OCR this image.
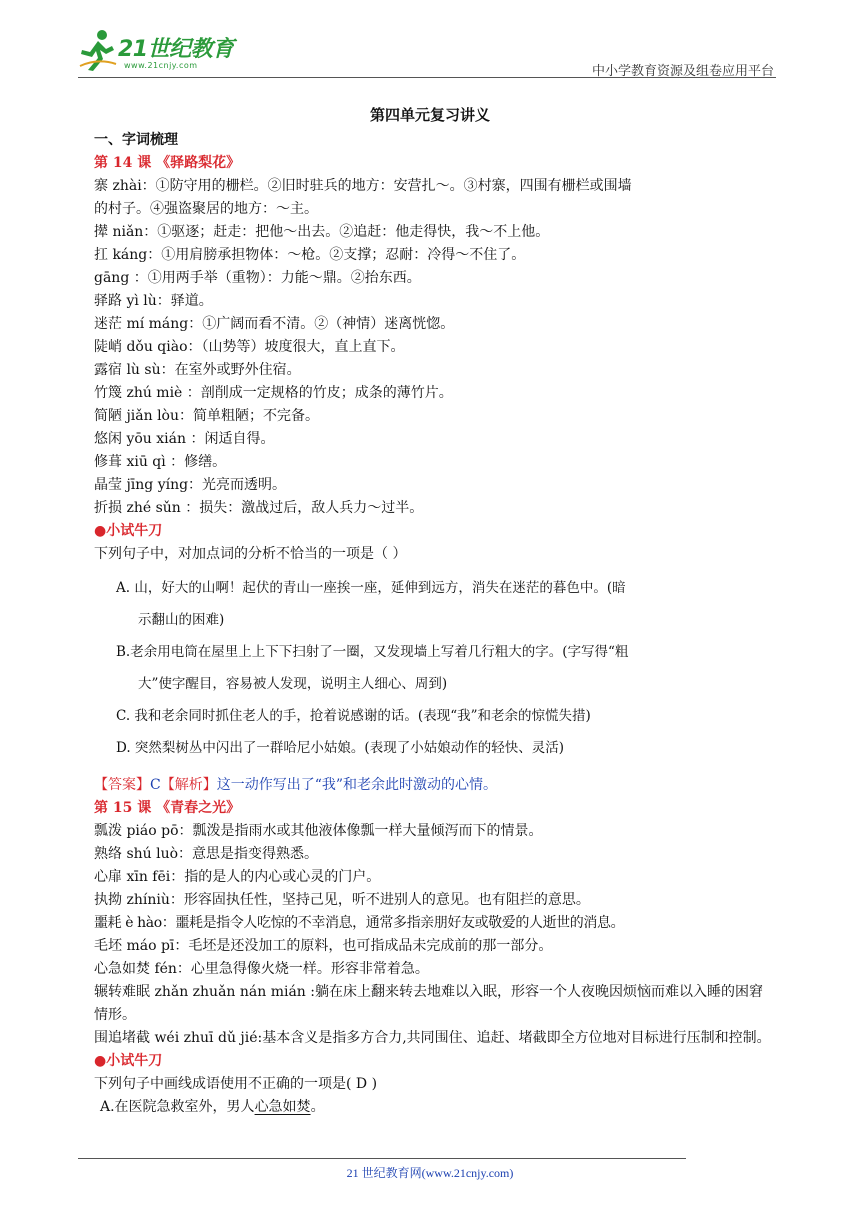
21世纪教育
www.21cnjy.com	中小学教育资源及组卷应用平台
第四单元复习讲义
一、字词梳理
第 14 课 《驿路梨花》
寨 zhài：①防守用的栅栏。②旧时驻兵的地方：安营扎～。③村寨，四围有栅栏或围墙
的村子。④强盗聚居的地方：～主。
撵 niǎn：①驱逐；赶走：把他～出去。②追赶：他走得快，我～不上他。
扛 káng：①用肩膀承担物体：～枪。②支撑；忍耐：冷得～不住了。
gāng ：①用两手举（重物）：力能～鼎。②抬东西。
驿路 yì lù：驿道。
迷茫 mí máng：①广阔而看不清。②（神情）迷离恍惚。
陡峭 dǒu qiào：（山势等）坡度很大，直上直下。
露宿 lù sù：在室外或野外住宿。
竹篾 zhú miè ：剖削成一定规格的竹皮；成条的薄竹片。
简陋 jiǎn lòu：简单粗陋；不完备。
悠闲 yōu xián ：闲适自得。
修葺 xiū qì ：修缮。
晶莹 jīng yíng：光亮而透明。
折损 zhé sǔn ：损失：激战过后，敌人兵力～过半。
●小试牛刀
下列句子中，对加点词的分析不恰当的一项是（ ）
A. 山，好大的山啊！起伏的青山一座挨一座，延伸到远方，消失在迷茫的暮色中。(暗
示翻山的困难)
B.老余用电筒在屋里上上下下扫射了一圈，又发现墙上写着几行粗大的字。(字写得“粗
大”使字醒目，容易被人发现，说明主人细心、周到)
C. 我和老余同时抓住老人的手，抢着说感谢的话。(表现“我”和老余的惊慌失措)
D. 突然梨树丛中闪出了一群哈尼小姑娘。(表现了小姑娘动作的轻快、灵活)
【答案】C【解析】这一动作写出了“我”和老余此时激动的心情。
第 15 课 《青春之光》
瓢泼 piáo pō：瓢泼是指雨水或其他液体像瓢一样大量倾泻而下的情景。
熟络 shú luò：意思是指变得熟悉。
心扉 xīn fēi：指的是人的内心或心灵的门户。
执拗 zhíniù：形容固执任性，坚持己见，听不进别人的意见。也有阻拦的意思。
噩耗 è hào：噩耗是指令人吃惊的不幸消息，通常多指亲朋好友或敬爱的人逝世的消息。
毛坯 máo pī：毛坯是还没加工的原料，也可指成品未完成前的那一部分。
心急如焚 fén：心里急得像火烧一样。形容非常着急。
辗转难眠 zhǎn zhuǎn nán mián :躺在床上翻来转去地难以入眠，形容一个人夜晚因烦恼而难以入睡的困窘情形。
围追堵截 wéi zhuī dǔ jié:基本含义是指多方合力,共同围住、追赶、堵截即全方位地对目标进行压制和控制。
●小试牛刀
下列句子中画线成语使用不正确的一项是( D )
A.在医院急救室外，男人心急如焚。
21 世纪教育网(www.21cnjy.com)
